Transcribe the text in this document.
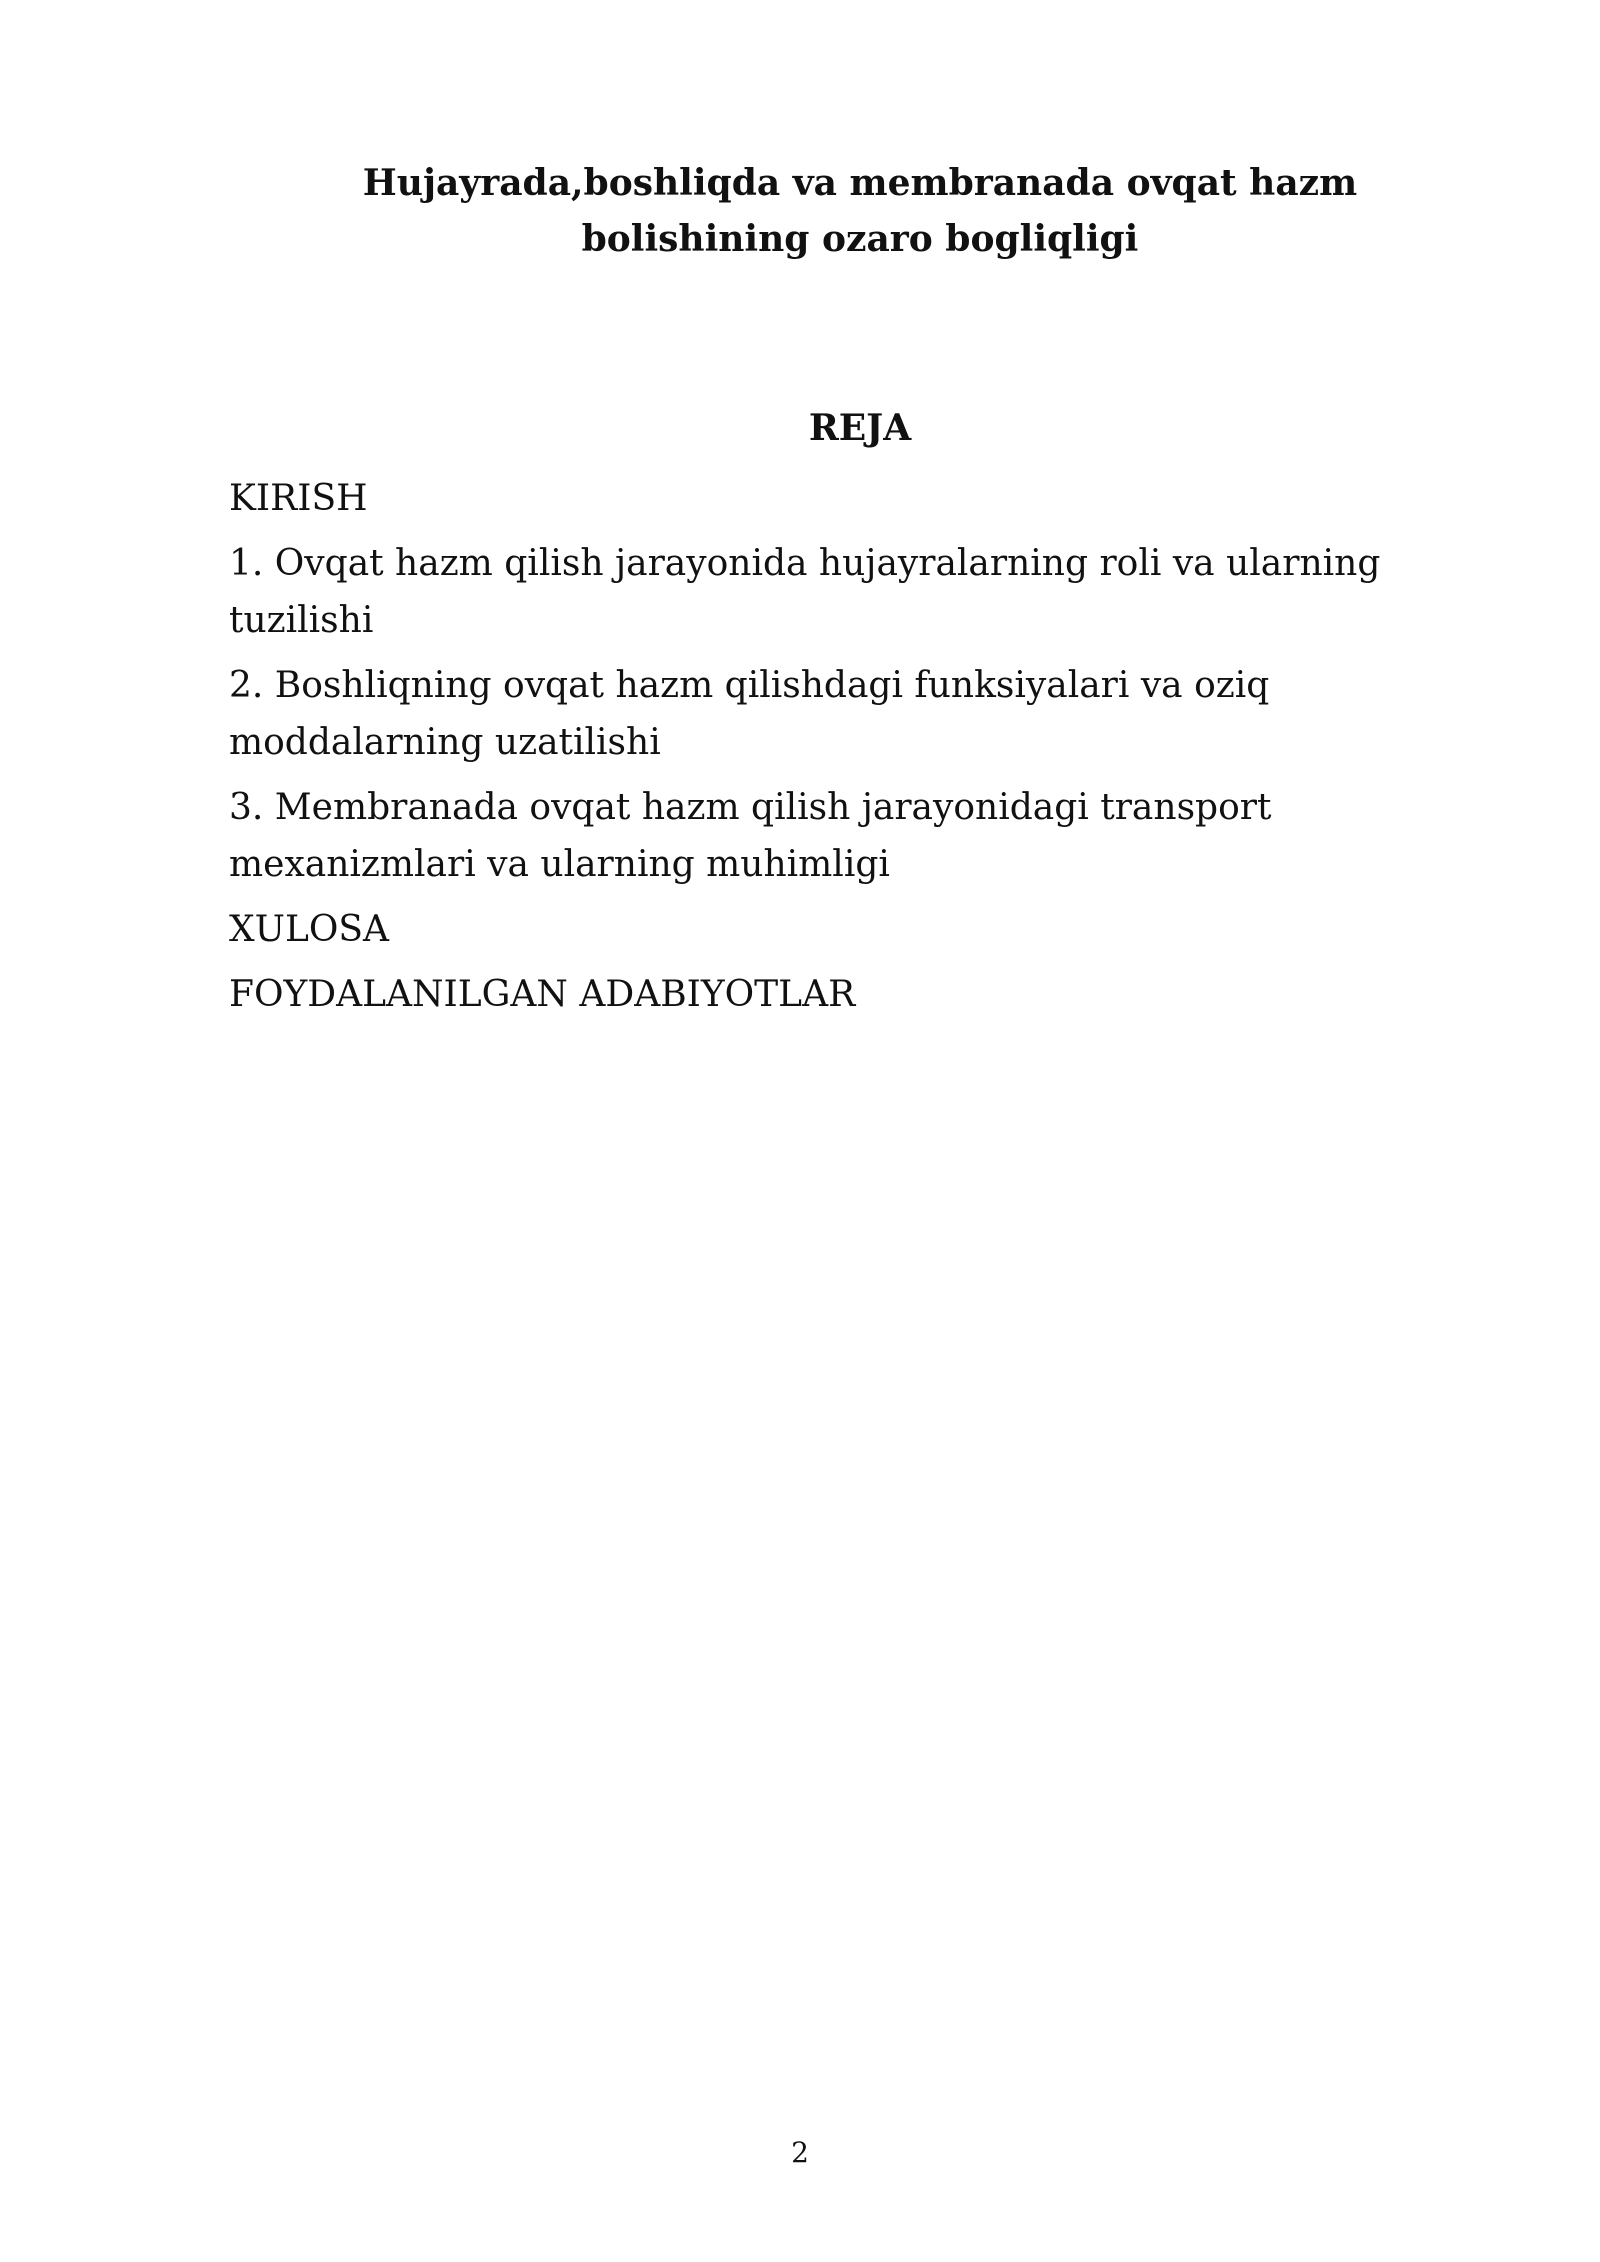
Hujayrada,boshliqda va membranada ovqat hazm
bolishining ozaro bogliqligi
REJA
KIRISH
1. Ovqat hazm qilish jarayonida hujayralarning roli va ularning tuzilishi
2. Boshliqning ovqat hazm qilishdagi funksiyalari va oziq moddalarning uzatilishi
3. Membranada ovqat hazm qilish jarayonidagi transport mexanizmlari va ularning muhimligi
XULOSA
FOYDALANILGAN ADABIYOTLAR
2
